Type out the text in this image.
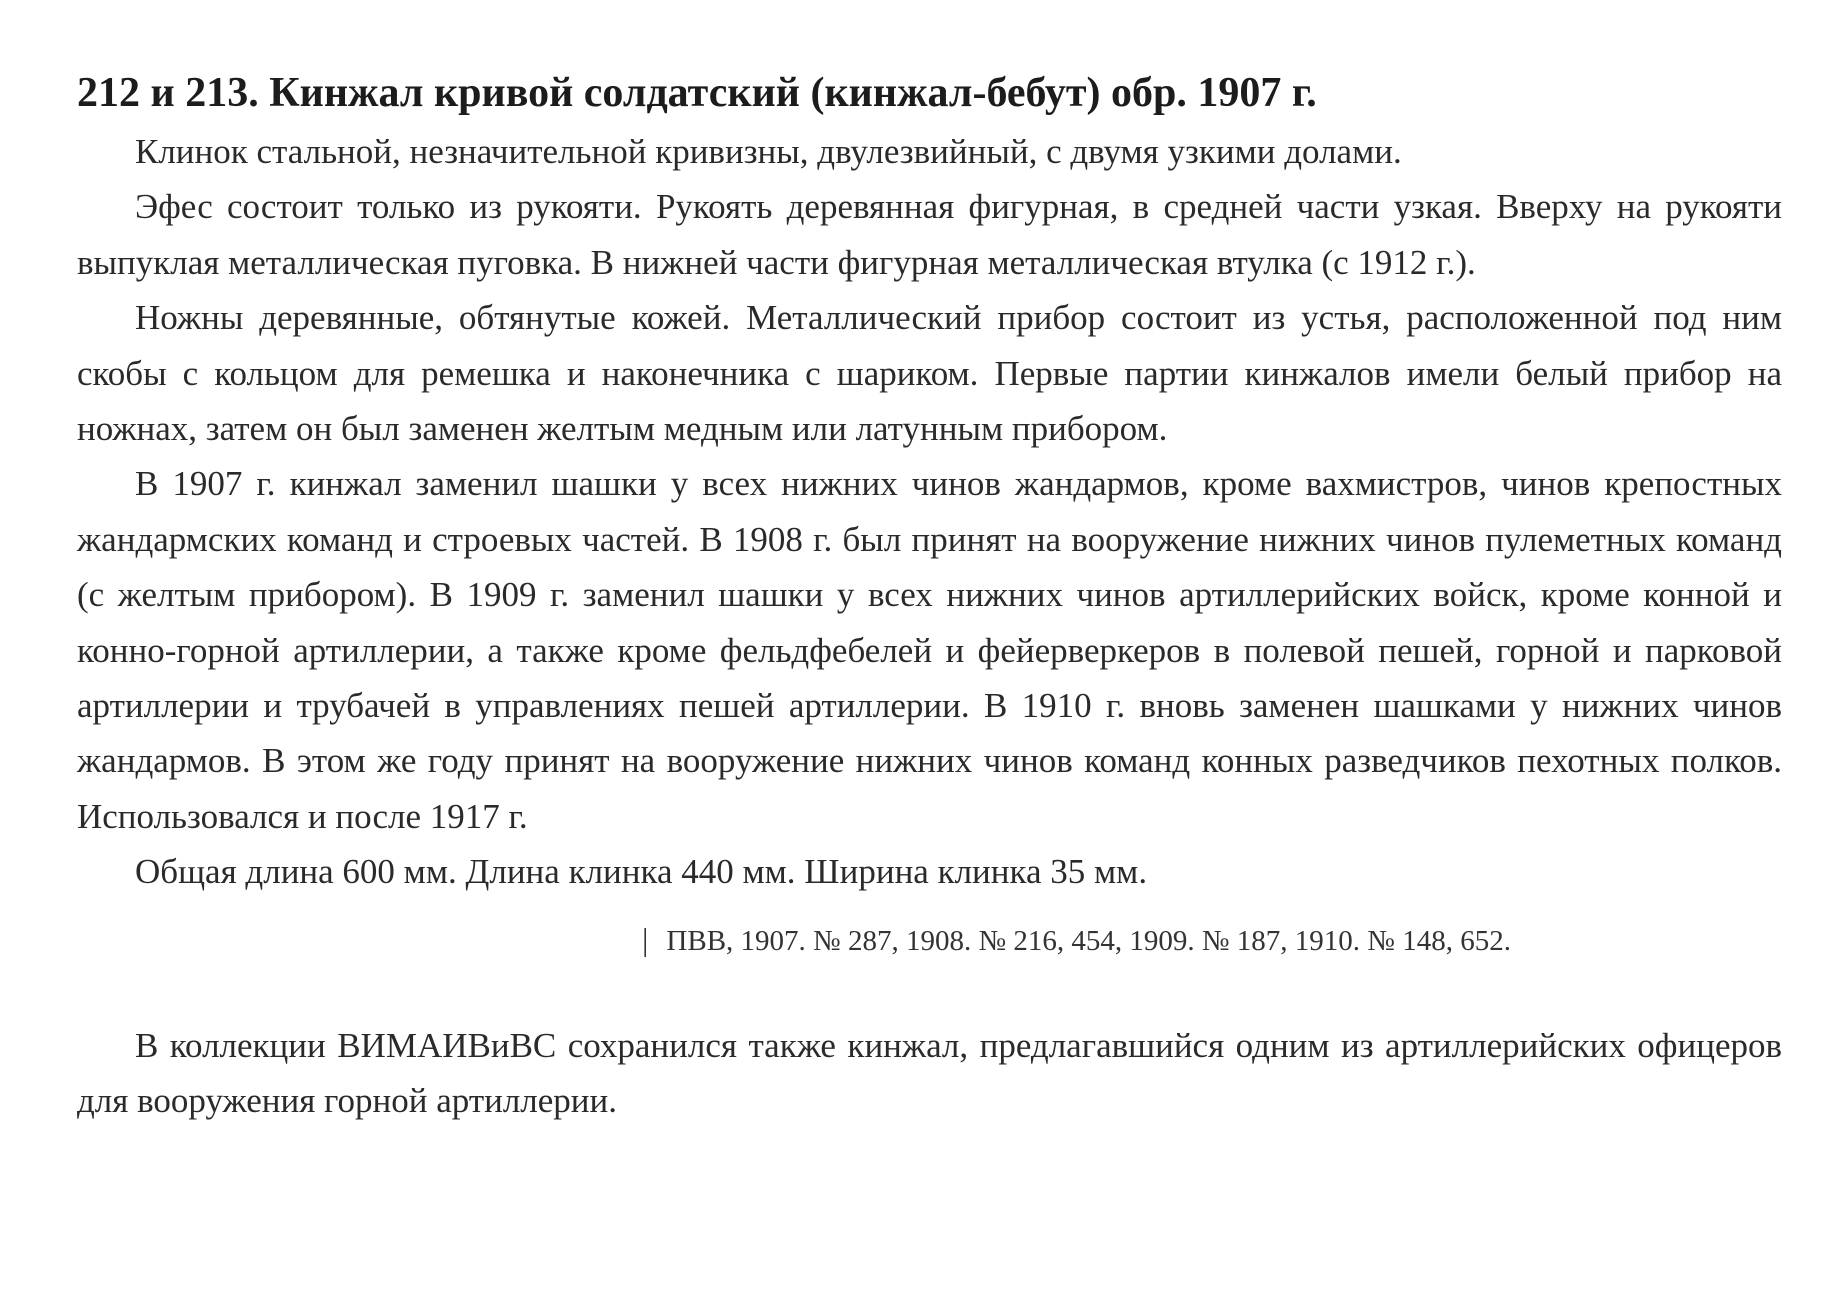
212 и 213. Кинжал кривой солдатский (кинжал-бебут) обр. 1907 г.

Клинок стальной, незначительной кривизны, двулезвийный, с двумя узкими долами.

Эфес состоит только из рукояти. Рукоять деревянная фигурная, в средней части узкая. Вверху на рукояти выпуклая металлическая пуговка. В нижней части фигурная металлическая втулка (с 1912 г.).

Ножны деревянные, обтянутые кожей. Металлический прибор состоит из устья, расположенной под ним скобы с кольцом для ремешка и наконечника с шариком. Первые партии кинжалов имели белый прибор на ножнах, затем он был заменен желтым медным или латунным прибором.

В 1907 г. кинжал заменил шашки у всех нижних чинов жандармов, кроме вахмистров, чинов крепостных жандармских команд и строевых частей. В 1908 г. был принят на вооружение нижних чинов пулеметных команд (с желтым прибором). В 1909 г. заменил шашки у всех нижних чинов артиллерийских войск, кроме конной и конно-горной артиллерии, а также кроме фельдфебелей и фейерверкеров в полевой пешей, горной и парковой артиллерии и трубачей в управлениях пешей артиллерии. В 1910 г. вновь заменен шашками у нижних чинов жандармов. В этом же году принят на вооружение нижних чинов команд конных разведчиков пехотных полков. Использовался и после 1917 г.

Общая длина 600 мм. Длина клинка 440 мм. Ширина клинка 35 мм.

| ПВВ, 1907. № 287, 1908. № 216, 454, 1909. № 187, 1910. № 148, 652.

В коллекции ВИМАИВиВС сохранился также кинжал, предлагавшийся одним из артиллерийских офицеров для вооружения горной артиллерии.
